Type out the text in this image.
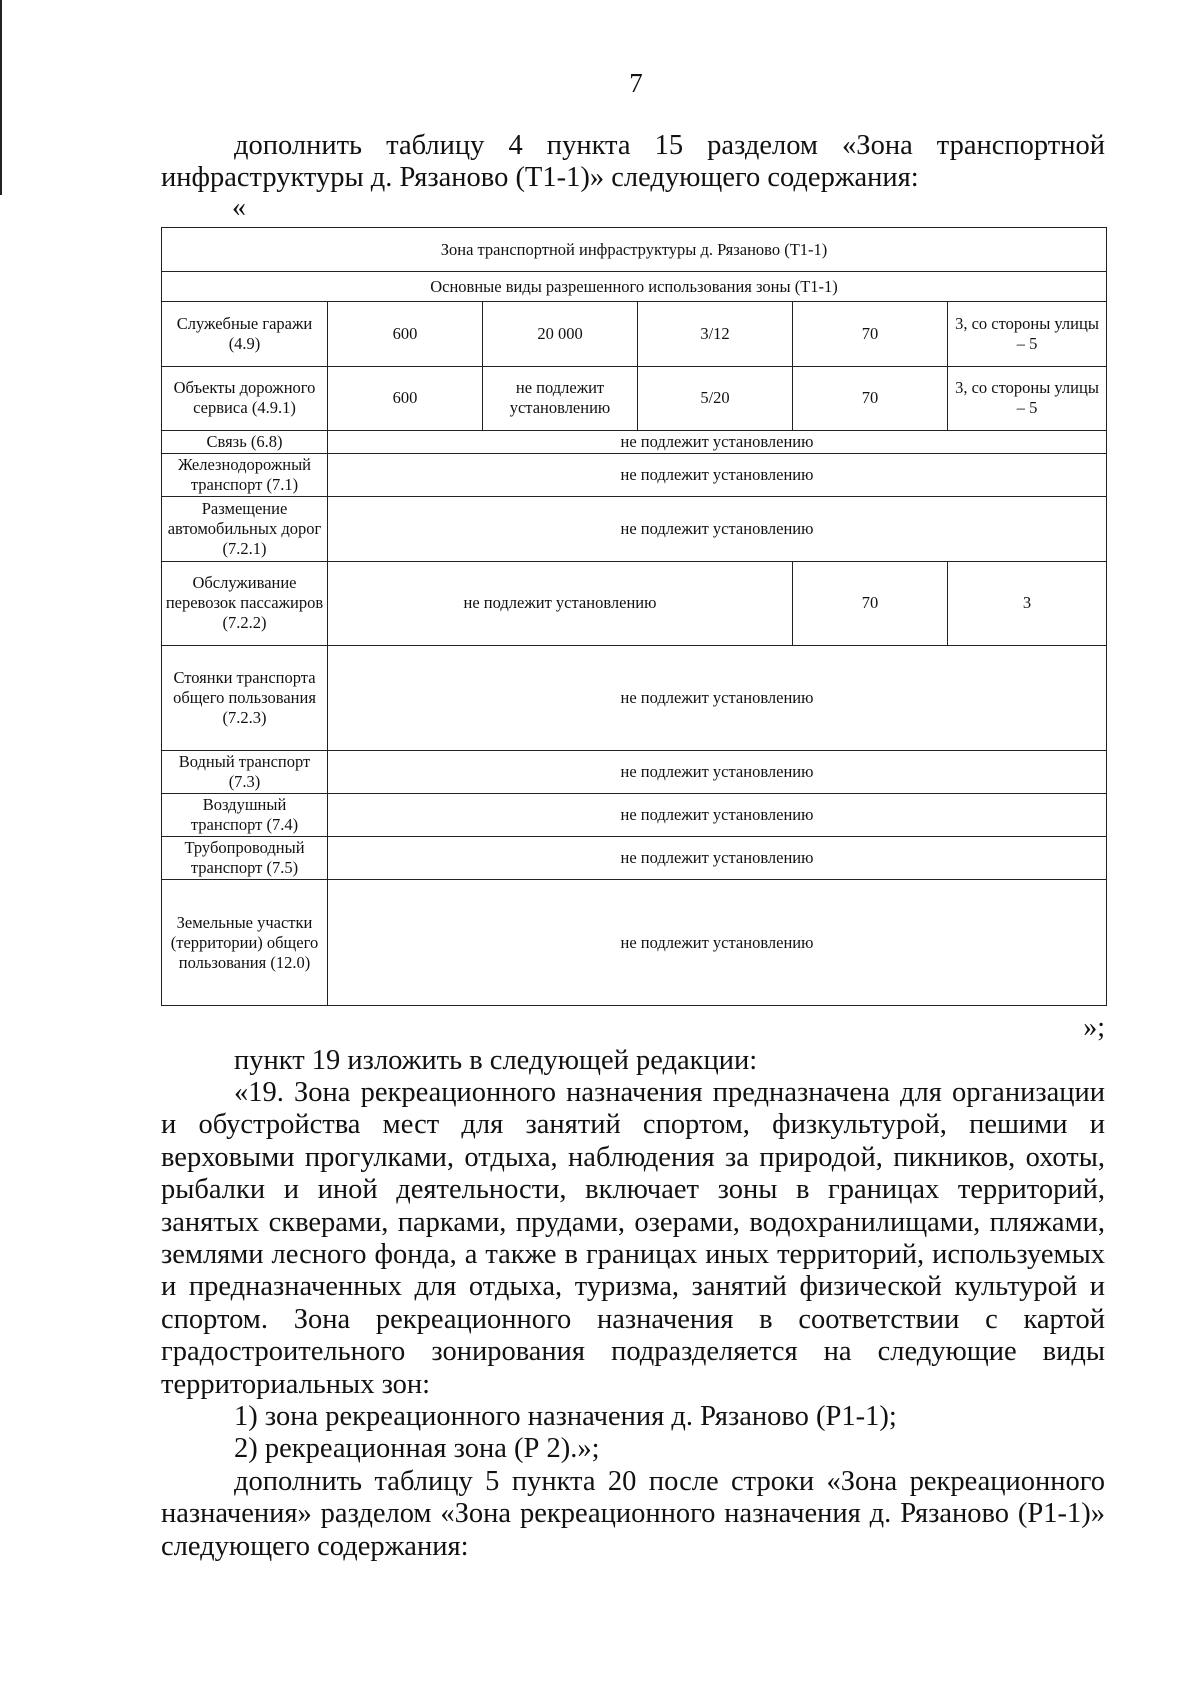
7
дополнить таблицу 4 пункта 15 разделом «Зона транспортной инфраструктуры д. Рязаново (Т1-1)» следующего содержания:
«
Зона транспортной инфраструктуры д. Рязаново (Т1-1)					
Основные виды разрешенного использования зоны (Т1-1)					
Служебные гаражи (4.9)	600	20 000	3/12	70	3, со стороны улицы – 5
Объекты дорожного сервиса (4.9.1)	600	не подлежит установлению	5/20	70	3, со стороны улицы – 5
Связь (6.8)	не подлежит установлению				
Железнодорожный транспорт (7.1)	не подлежит установлению				
Размещение автомобильных дорог (7.2.1)	не подлежит установлению				
Обслуживание перевозок пассажиров (7.2.2)	не подлежит установлению			70	3
Стоянки транспорта общего пользования (7.2.3)	не подлежит установлению				
Водный транспорт (7.3)	не подлежит установлению				
Воздушный транспорт (7.4)	не подлежит установлению				
Трубопроводный транспорт (7.5)	не подлежит установлению				
Земельные участки (территории) общего пользования (12.0)	не подлежит установлению				
»;
пункт 19 изложить в следующей редакции:
«19. Зона рекреационного назначения предназначена для организации и обустройства мест для занятий спортом, физкультурой, пешими и верховыми прогулками, отдыха, наблюдения за природой, пикников, охоты, рыбалки и иной деятельности, включает зоны в границах территорий, занятых скверами, парками, прудами, озерами, водохранилищами, пляжами, землями лесного фонда, а также в границах иных территорий, используемых и предназначенных для отдыха, туризма, занятий физической культурой и спортом. Зона рекреационного назначения в соответствии с картой градостроительного зонирования подразделяется на следующие виды территориальных зон:
1) зона рекреационного назначения д. Рязаново (Р1-1);
2) рекреационная зона (Р 2).»;
дополнить таблицу 5 пункта 20 после строки «Зона рекреационного назначения» разделом «Зона рекреационного назначения д. Рязаново (Р1-1)» следующего содержания:
